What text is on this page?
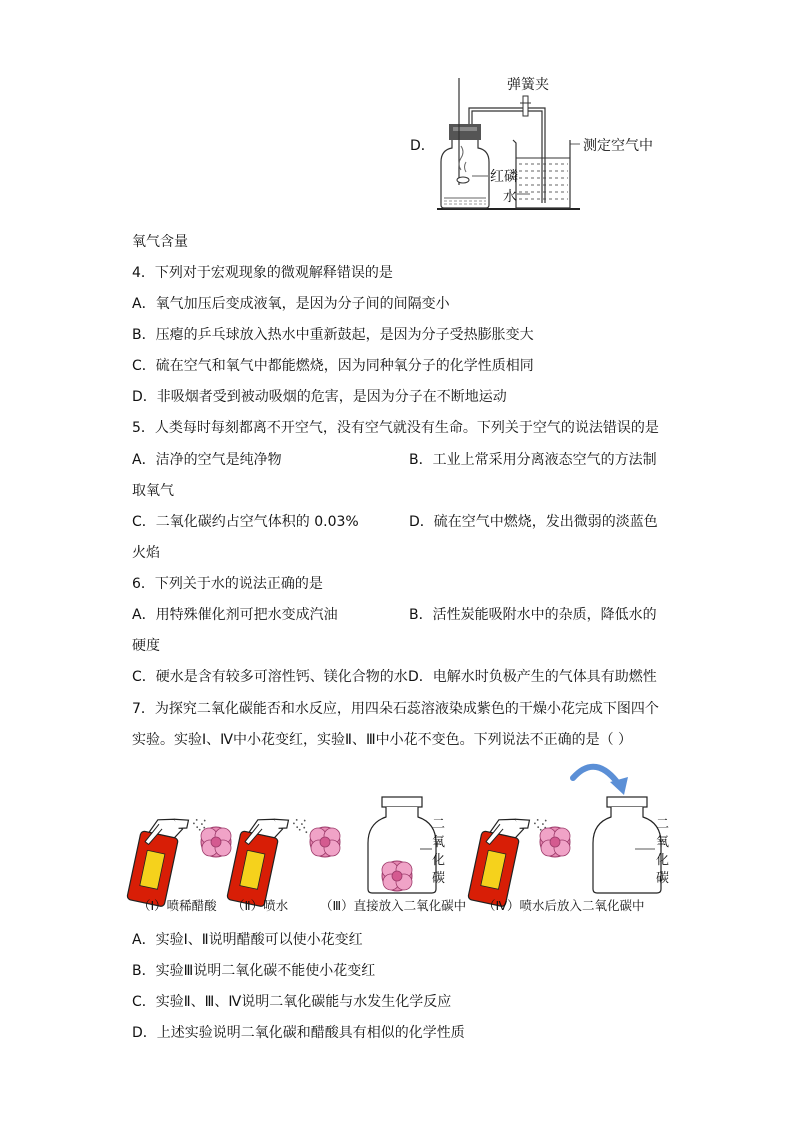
D．
弹簧夹
测定空气中
红磷
水
氧气含量
4．下列对于宏观现象的微观解释错误的是
A．氧气加压后变成液氧，是因为分子间的间隔变小
B．压瘪的乒乓球放入热水中重新鼓起，是因为分子受热膨胀变大
C．硫在空气和氧气中都能燃烧，因为同种氧分子的化学性质相同
D．非吸烟者受到被动吸烟的危害，是因为分子在不断地运动
5．人类每时每刻都离不开空气，没有空气就没有生命。下列关于空气的说法错误的是
A．洁净的空气是纯净物	B．工业上常采用分离液态空气的方法制
取氧气
C．二氧化碳约占空气体积的 0.03%	D．硫在空气中燃烧，发出微弱的淡蓝色
火焰
6．下列关于水的说法正确的是
A．用特殊催化剂可把水变成汽油	B．活性炭能吸附水中的杂质，降低水的
硬度
C．硬水是含有较多可溶性钙、镁化合物的水 D．电解水时负极产生的气体具有助燃性
7．为探究二氧化碳能否和水反应，用四朵石蕊溶液染成紫色的干燥小花完成下图四个
实验。实验Ⅰ、Ⅳ中小花变红，实验Ⅱ、Ⅲ中小花不变色。下列说法不正确的是（ ）
二氧化碳
二氧化碳
（Ⅰ）喷稀醋酸 （Ⅱ）喷水	（Ⅲ）直接放入二氧化碳中 （Ⅳ）喷水后放入二氧化碳中
A．实验Ⅰ、Ⅱ说明醋酸可以使小花变红
B．实验Ⅲ说明二氧化碳不能使小花变红
C．实验Ⅱ、Ⅲ、Ⅳ说明二氧化碳能与水发生化学反应
D．上述实验说明二氧化碳和醋酸具有相似的化学性质
